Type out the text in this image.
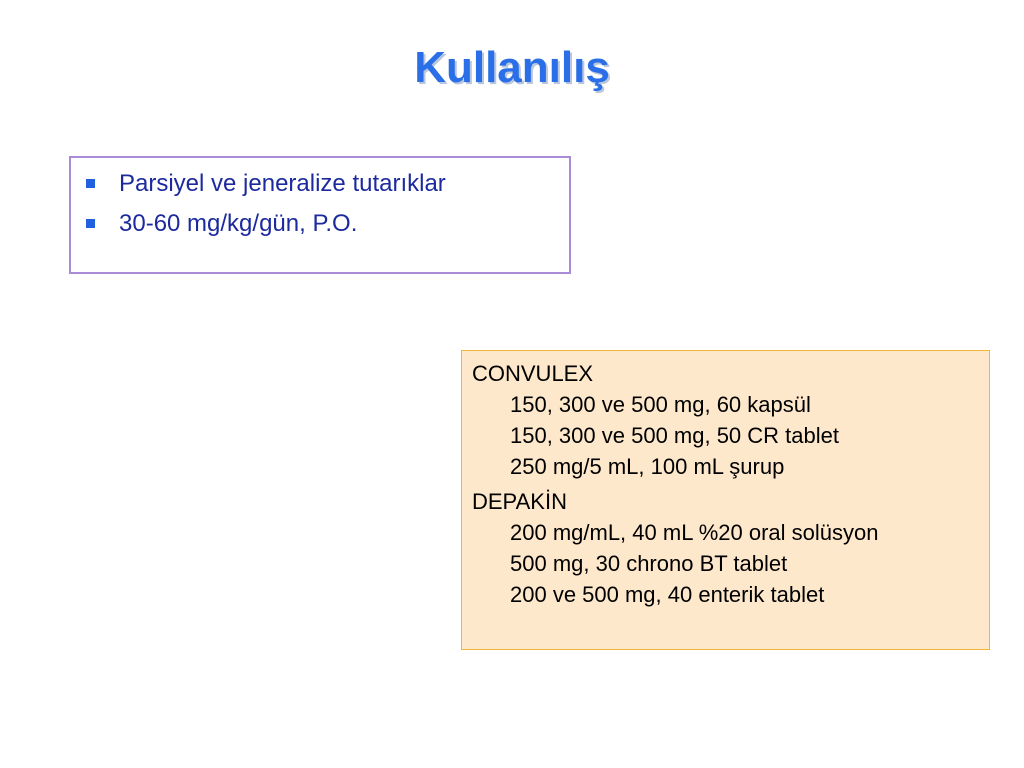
Kullanılış
Parsiyel ve jeneralize tutarıklar
30-60 mg/kg/gün, P.O.
CONVULEX
150, 300 ve 500 mg, 60 kapsül
150, 300 ve 500 mg, 50 CR tablet
250 mg/5 mL, 100 mL şurup
DEPAKİN
200 mg/mL, 40 mL %20 oral solüsyon
500 mg, 30 chrono BT tablet
200 ve 500 mg, 40 enterik tablet
